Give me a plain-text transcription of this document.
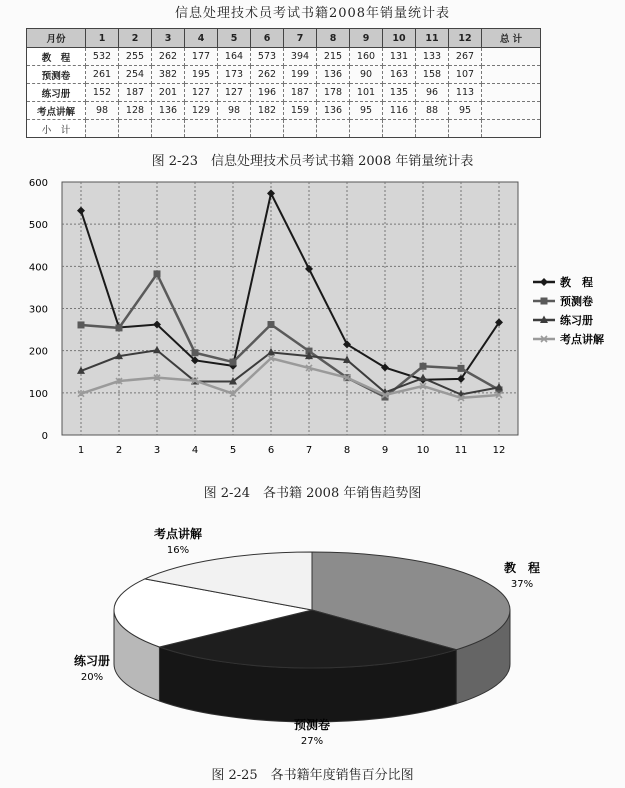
信息处理技术员考试书籍2008年销量统计表
月份	1	2	3	4	5	6	7	8	9	10	11	12	总 计
教　程	532	255	262	177	164	573	394	215	160	131	133	267	
预测卷	261	254	382	195	173	262	199	136	90	163	158	107	
练习册	152	187	201	127	127	196	187	178	101	135	96	113	
考点讲解	98	128	136	129	98	182	159	136	95	116	88	95	
小　计													
图 2-23　信息处理技术员考试书籍 2008 年销量统计表
0
100
200
300
400
500
600
1	2	3	4	5	6	7	8	9	10	11	12
教　程
预测卷
练习册
考点讲解
图 2-24　各书籍 2008 年销售趋势图
教　程
37%
预测卷
27%
练习册
20%
考点讲解
16%
图 2-25　各书籍年度销售百分比图
